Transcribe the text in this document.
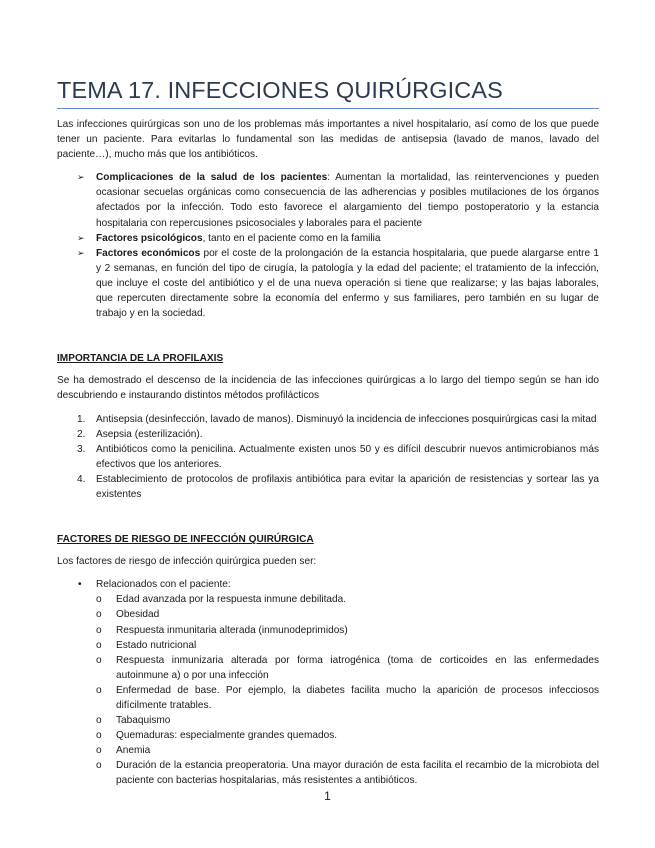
TEMA 17. INFECCIONES QUIRÚRGICAS

Las infecciones quirúrgicas son uno de los problemas más importantes a nivel hospitalario, así como de los que puede tener un paciente. Para evitarlas lo fundamental son las medidas de antisepsia (lavado de manos, lavado del paciente…), mucho más que los antibióticos.

➢ Complicaciones de la salud de los pacientes: Aumentan la mortalidad, las reintervenciones y pueden ocasionar secuelas orgánicas como consecuencia de las adherencias y posibles mutilaciones de los órganos afectados por la infección. Todo esto favorece el alargamiento del tiempo postoperatorio y la estancia hospitalaria con repercusiones psicosociales y laborales para el paciente
➢ Factores psicológicos, tanto en el paciente como en la familia
➢ Factores económicos por el coste de la prolongación de la estancia hospitalaria, que puede alargarse entre 1 y 2 semanas, en función del tipo de cirugía, la patología y la edad del paciente; el tratamiento de la infección, que incluye el coste del antibiótico y el de una nueva operación si tiene que realizarse; y las bajas laborales, que repercuten directamente sobre la economía del enfermo y sus familiares, pero también en su lugar de trabajo y en la sociedad.
IMPORTANCIA DE LA PROFILAXIS

Se ha demostrado el descenso de la incidencia de las infecciones quirúrgicas a lo largo del tiempo según se han ido descubriendo e instaurando distintos métodos profilácticos

1. Antisepsia (desinfección, lavado de manos). Disminuyó la incidencia de infecciones posquirúrgicas casi la mitad
2. Asepsia (esterilización).
3. Antibióticos como la penicilina. Actualmente existen unos 50 y es difícil descubrir nuevos antimicrobianos más efectivos que los anteriores.
4. Establecimiento de protocolos de profilaxis antibiótica para evitar la aparición de resistencias y sortear las ya existentes
FACTORES DE RIESGO DE INFECCIÓN QUIRÚRGICA

Los factores de riesgo de infección quirúrgica pueden ser:

• Relacionados con el paciente:
o Edad avanzada por la respuesta inmune debilitada.
o Obesidad
o Respuesta inmunitaria alterada (inmunodeprimidos)
o Estado nutricional
o Respuesta inmunizaria alterada por forma iatrogénica (toma de corticoides en las enfermedades autoinmune a) o por una infección
o Enfermedad de base. Por ejemplo, la diabetes facilita mucho la aparición de procesos infecciosos difícilmente tratables.
o Tabaquismo
o Quemaduras: especialmente grandes quemados.
o Anemia
o Duración de la estancia preoperatoria. Una mayor duración de esta facilita el recambio de la microbiota del paciente con bacterias hospitalarias, más resistentes a antibióticos.
1
